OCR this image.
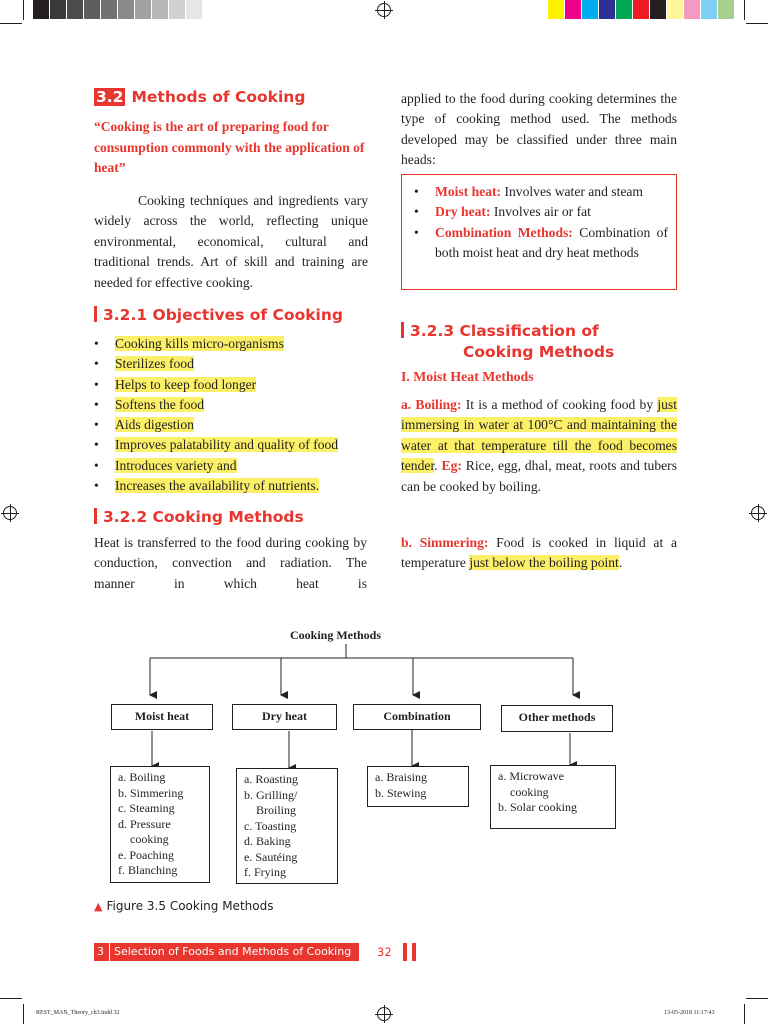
REST_MAN_Theory_ch3.indd 32	13-05-2018 11:17:43
3.2 Methods of Cooking
“Cooking is the art of preparing food for consumption commonly with the application of heat”
Cooking techniques and ingredients vary widely across the world, reflecting unique environmental, economical, cultural and traditional trends. Art of skill and training are needed for effective cooking.
3.2.1 Objectives of Cooking
• Cooking kills micro-organisms
• Sterilizes food
• Helps to keep food longer
• Softens the food
• Aids digestion
• Improves palatability and quality of food
• Introduces variety and
• Increases the availability of nutrients.
3.2.2 Cooking Methods
Heat is transferred to the food during cooking by conduction, convection and radiation. The manner in which heat is
applied to the food during cooking determines the type of cooking method used. The methods developed may be classified under three main heads:
• Moist heat: Involves water and steam
• Dry heat: Involves air or fat
• Combination Methods: Combination of both moist heat and dry heat methods
3.2.3 Classification of
Cooking Methods
I. Moist Heat Methods
a. Boiling: It is a method of cooking food by just immersing in water at 100°C and maintaining the water at that temperature till the food becomes tender. Eg: Rice, egg, dhal, meat, roots and tubers can be cooked by boiling.
b. Simmering: Food is cooked in liquid at a temperature just below the boiling point.
Cooking Methods
Moist heat	Dry heat	Combination	Other methods
a. Boiling
b. Simmering
c. Steaming
d. Pressure
cooking
e. Poaching
f. Blanching
a. Roasting
b. Grilling/
Broiling
c. Toasting
d. Baking
e. Sautéing
f. Frying
a. Braising
b. Stewing
a. Microwave
cooking
b. Solar cooking
▲ Figure 3.5 Cooking Methods
3 Selection of Foods and Methods of Cooking	32
